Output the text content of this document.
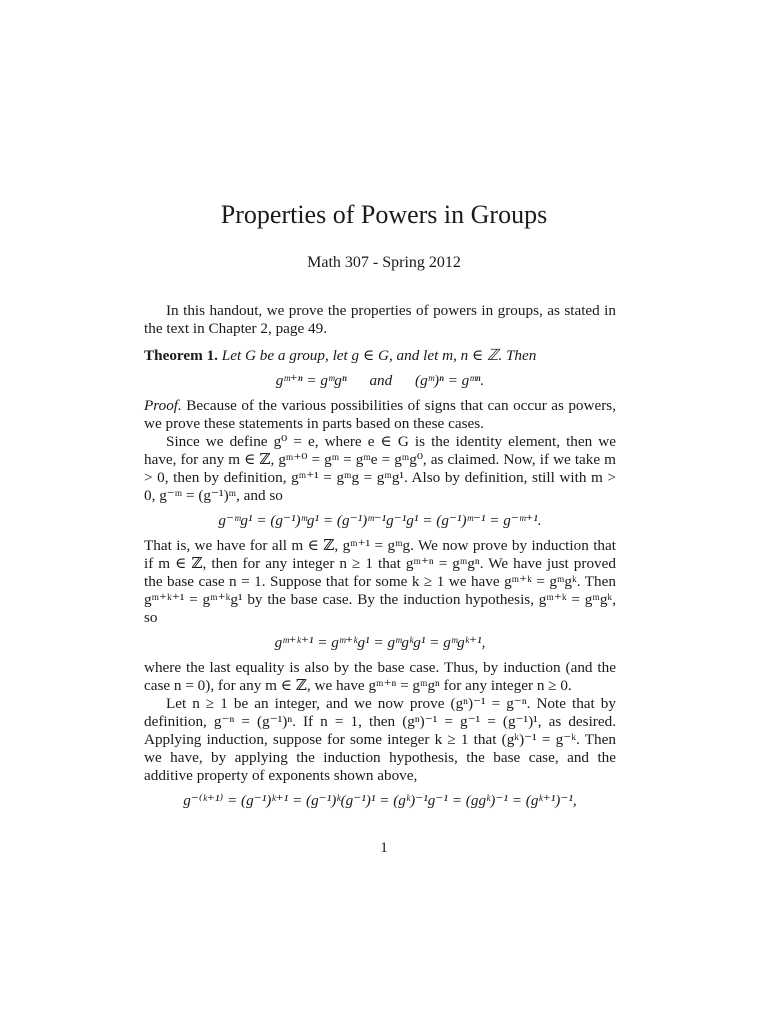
Properties of Powers in Groups
Math 307 - Spring 2012

In this handout, we prove the properties of powers in groups, as stated in the text in Chapter 2, page 49.

Theorem 1. Let G be a group, let g ∈ G, and let m, n ∈ ℤ. Then

gᵐ⁺ⁿ = gᵐgⁿ and (gᵐ)ⁿ = gᵐⁿ.

Proof. Because of the various possibilities of signs that can occur as powers, we prove these statements in parts based on these cases.

Since we define g⁰ = e, where e ∈ G is the identity element, then we have, for any m ∈ ℤ, gᵐ⁺⁰ = gᵐ = gᵐe = gᵐg⁰, as claimed. Now, if we take m > 0, then by definition, gᵐ⁺¹ = gᵐg = gᵐg¹. Also by definition, still with m > 0, g⁻ᵐ = (g⁻¹)ᵐ, and so

g⁻ᵐg¹ = (g⁻¹)ᵐg¹ = (g⁻¹)ᵐ⁻¹g⁻¹g¹ = (g⁻¹)ᵐ⁻¹ = g⁻ᵐ⁺¹.

That is, we have for all m ∈ ℤ, gᵐ⁺¹ = gᵐg. We now prove by induction that if m ∈ ℤ, then for any integer n ≥ 1 that gᵐ⁺ⁿ = gᵐgⁿ. We have just proved the base case n = 1. Suppose that for some k ≥ 1 we have gᵐ⁺ᵏ = gᵐgᵏ. Then gᵐ⁺ᵏ⁺¹ = gᵐ⁺ᵏg¹ by the base case. By the induction hypothesis, gᵐ⁺ᵏ = gᵐgᵏ, so

gᵐ⁺ᵏ⁺¹ = gᵐ⁺ᵏg¹ = gᵐgᵏg¹ = gᵐgᵏ⁺¹,

where the last equality is also by the base case. Thus, by induction (and the case n = 0), for any m ∈ ℤ, we have gᵐ⁺ⁿ = gᵐgⁿ for any integer n ≥ 0.

Let n ≥ 1 be an integer, and we now prove (gⁿ)⁻¹ = g⁻ⁿ. Note that by definition, g⁻ⁿ = (g⁻¹)ⁿ. If n = 1, then (gⁿ)⁻¹ = g⁻¹ = (g⁻¹)¹, as desired. Applying induction, suppose for some integer k ≥ 1 that (gᵏ)⁻¹ = g⁻ᵏ. Then we have, by applying the induction hypothesis, the base case, and the additive property of exponents shown above,

g⁻⁽ᵏ⁺¹⁾ = (g⁻¹)ᵏ⁺¹ = (g⁻¹)ᵏ(g⁻¹)¹ = (gᵏ)⁻¹g⁻¹ = (ggᵏ)⁻¹ = (gᵏ⁺¹)⁻¹,

1
